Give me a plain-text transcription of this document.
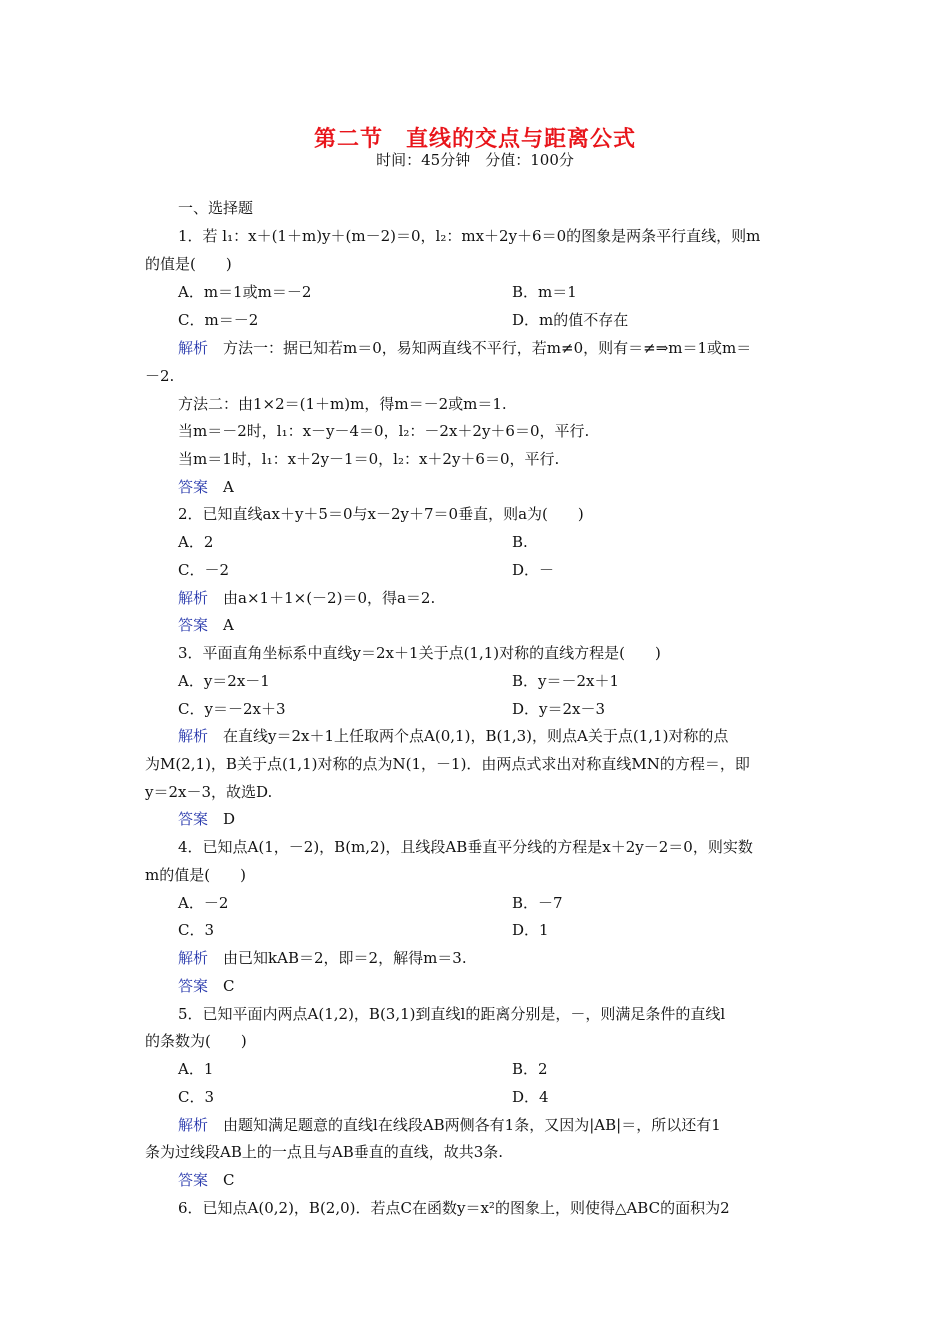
第二节　直线的交点与距离公式
时间：45分钟　分值：100分
一、选择题
1．若 l₁：x＋(1＋m)y＋(m－2)＝0，l₂：mx＋2y＋6＝0的图象是两条平行直线，则m
的值是(　　)
A．m＝1或m＝－2	B．m＝1
C．m＝－2	D．m的值不存在
解析　 方法一：据已知若m＝0，易知两直线不平行，若m≠0，则有＝≠⇒m＝1或m＝
－2.
方法二：由1×2＝(1＋m)m，得m＝－2或m＝1.
当m＝－2时，l₁：x－y－4＝0，l₂：－2x＋2y＋6＝0，平行.
当m＝1时，l₁：x＋2y－1＝0，l₂：x＋2y＋6＝0，平行.
答案　 A
2．已知直线ax＋y＋5＝0与x－2y＋7＝0垂直，则a为(　　)
A．2	B.
C．－2	D．－
解析　 由a×1＋1×(－2)＝0，得a＝2.
答案　 A
3．平面直角坐标系中直线y＝2x＋1关于点(1,1)对称的直线方程是(　　)
A．y＝2x－1	B．y＝－2x＋1
C．y＝－2x＋3	D．y＝2x－3
解析　 在直线y＝2x＋1上任取两个点A(0,1)，B(1,3)，则点A关于点(1,1)对称的点
为M(2,1)，B关于点(1,1)对称的点为N(1，－1)．由两点式求出对称直线MN的方程＝，即
y＝2x－3，故选D.
答案　 D
4．已知点A(1，－2)，B(m,2)，且线段AB垂直平分线的方程是x＋2y－2＝0，则实数
m的值是(　　)
A．－2	B．－7
C．3	D．1
解析　 由已知kAB＝2，即＝2，解得m＝3.
答案　 C
5．已知平面内两点A(1,2)，B(3,1)到直线l的距离分别是，－，则满足条件的直线l
的条数为(　　)
A．1	B．2
C．3	D．4
解析　 由题知满足题意的直线l在线段AB两侧各有1条，又因为|AB|＝，所以还有1
条为过线段AB上的一点且与AB垂直的直线，故共3条.
答案　 C
6．已知点A(0,2)，B(2,0)．若点C在函数y＝x²的图象上，则使得△ABC的面积为2
